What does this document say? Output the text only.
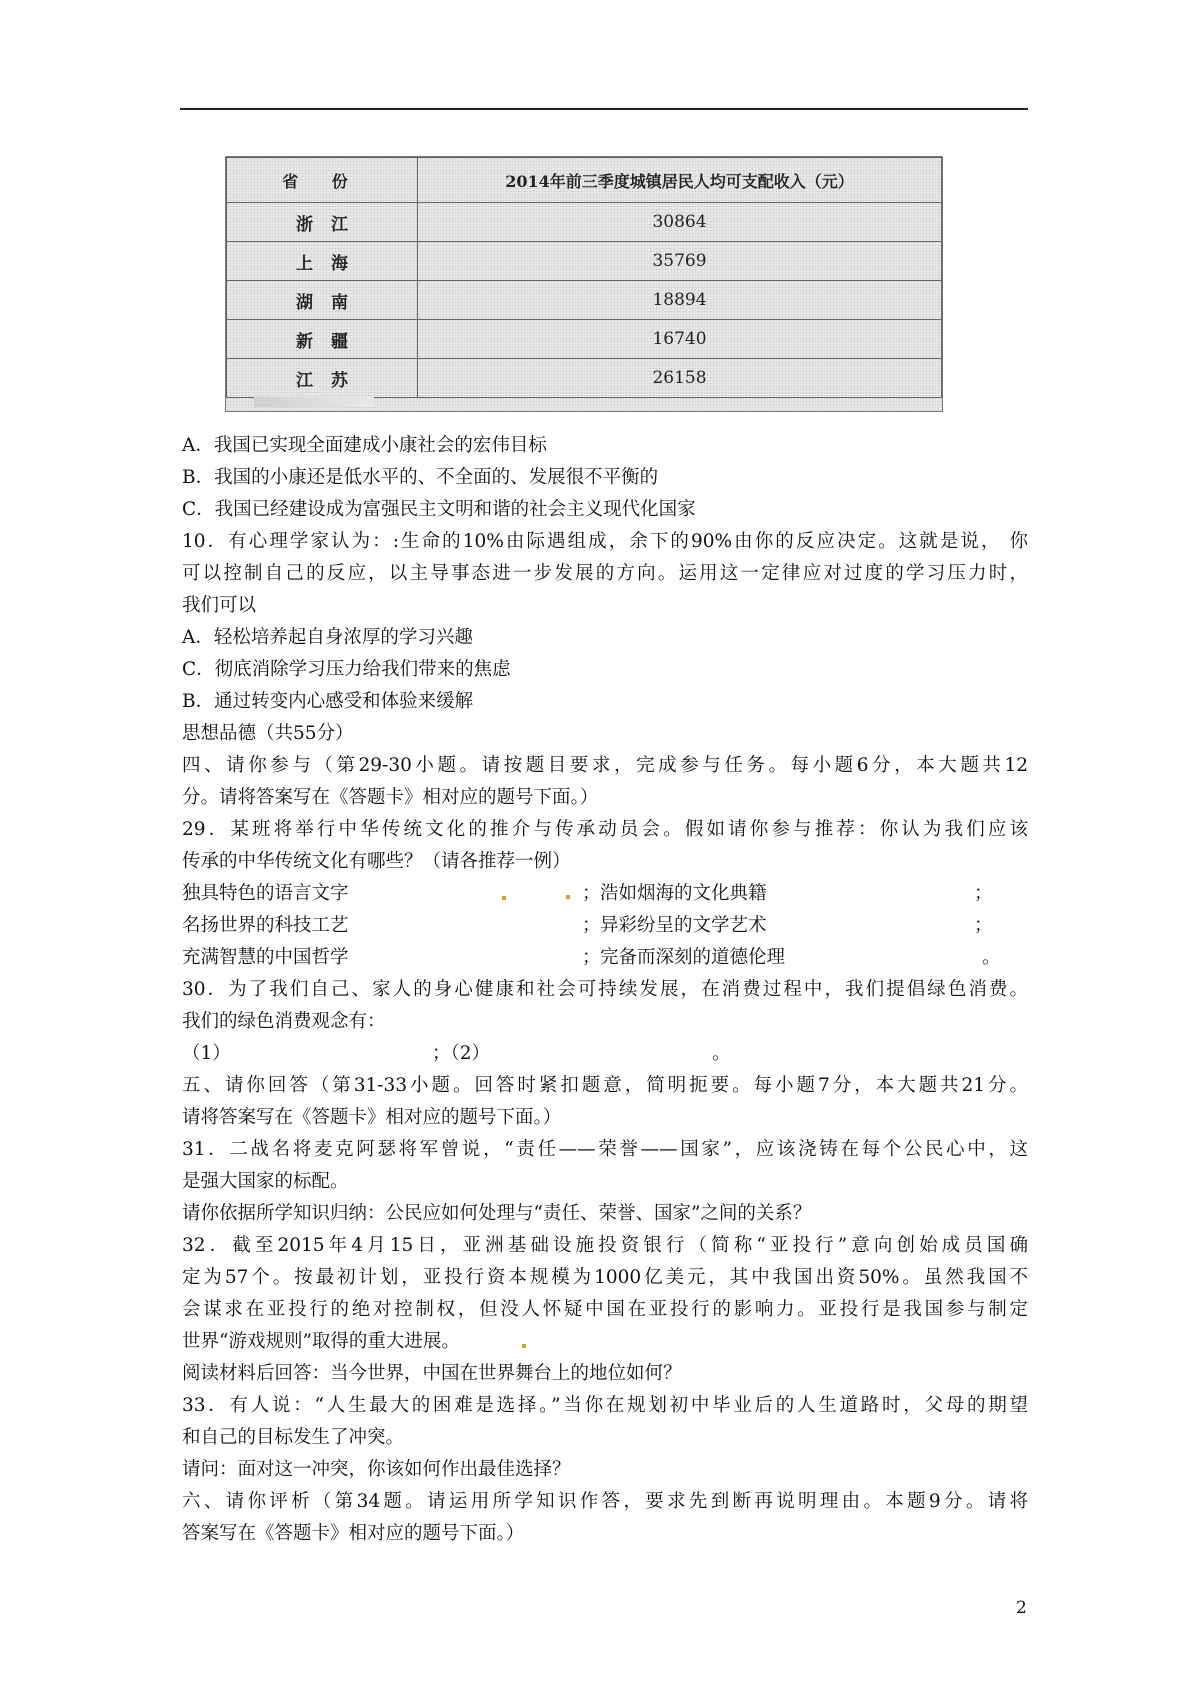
省 份	2014年前三季度城镇居民人均可支配收入（元）
浙江	30864
上海	35769
湖南	18894
新疆	16740
江苏	26158
A．我国已实现全面建成小康社会的宏伟目标
B．我国的小康还是低水平的、不全面的、发展很不平衡的
C．我国已经建设成为富强民主文明和谐的社会主义现代化国家
10．有心理学家认为：:生命的10%由际遇组成，余下的90%由你的反应决定。这就是说， 你
可以控制自己的反应，以主导事态进一步发展的方向。运用这一定律应对过度的学习压力时，
我们可以
A．轻松培养起自身浓厚的学习兴趣
C．彻底消除学习压力给我们带来的焦虑
B．通过转变内心感受和体验来缓解
思想品德（共55分）
四、请你参与（第29-30小题。请按题目要求，完成参与任务。每小题6分，本大题共12
分。请将答案写在《答题卡》相对应的题号下面。）
29．某班将举行中华传统文化的推介与传承动员会。假如请你参与推荐：你认为我们应该
传承的中华传统文化有哪些？（请各推荐一例）
独具特色的语言文字	； 浩如烟海的文化典籍	；
名扬世界的科技工艺	； 异彩纷呈的文学艺术	；
充满智慧的中国哲学	； 完备而深刻的道德伦理	。
30．为了我们自己、家人的身心健康和社会可持续发展，在消费过程中，我们提倡绿色消费。
我们的绿色消费观念有：
（1）	；（2）	。
五、请你回答（第31-33小题。回答时紧扣题意，简明扼要。每小题7分，本大题共21分。
请将答案写在《答题卡》相对应的题号下面。）
31．二战名将麦克阿瑟将军曾说，“责任——荣誉——国家”，应该浇铸在每个公民心中，这
是强大国家的标配。
请你依据所学知识归纳：公民应如何处理与“责任、荣誉、国家”之间的关系？
32．截至2015年4月15日，亚洲基础设施投资银行（简称“亚投行”意向创始成员国确
定为57个。按最初计划，亚投行资本规模为1000亿美元，其中我国出资50%。虽然我国不
会谋求在亚投行的绝对控制权，但没人怀疑中国在亚投行的影响力。亚投行是我国参与制定
世界“游戏规则”取得的重大进展。
阅读材料后回答：当今世界，中国在世界舞台上的地位如何？
33．有人说：“人生最大的困难是选择。”当你在规划初中毕业后的人生道路时，父母的期望
和自己的目标发生了冲突。
请问：面对这一冲突，你该如何作出最佳选择？
六、请你评析（第34题。请运用所学知识作答，要求先到断再说明理由。本题9分。请将
答案写在《答题卡》相对应的题号下面。）
2
